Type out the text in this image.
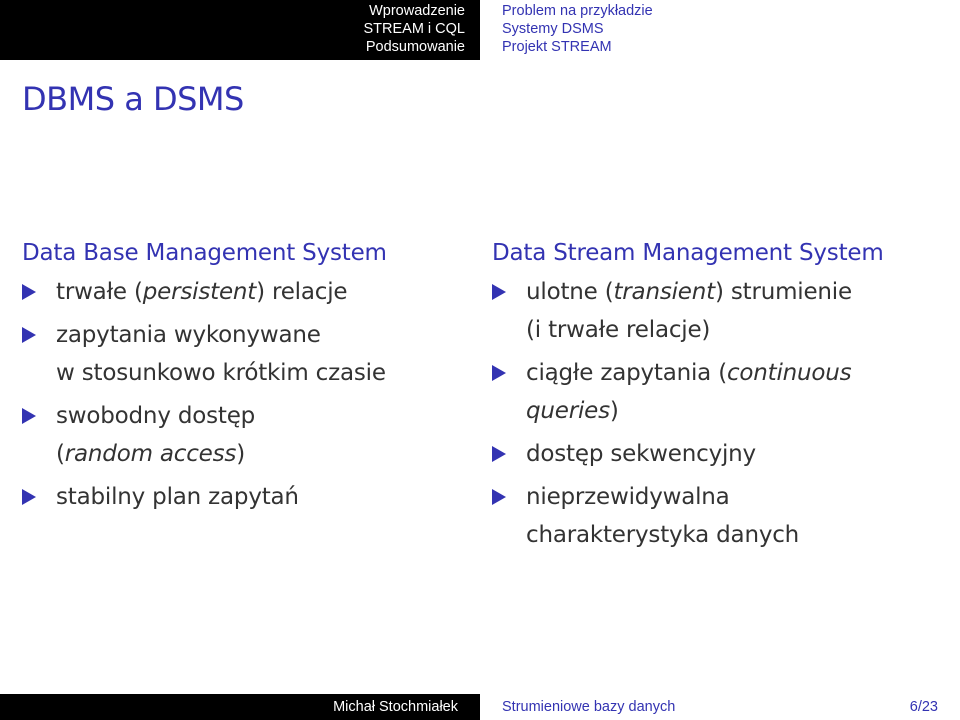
Wprowadzenie
STREAM i CQL
Podsumowanie
Problem na przykładzie
Systemy DSMS
Projekt STREAM
DBMS a DSMS
Data Base Management System
trwałe (persistent) relacje
zapytania wykonywane
w stosunkowo krótkim czasie
swobodny dostęp
(random access)
stabilny plan zapytań
Data Stream Management System
ulotne (transient) strumienie
(i trwałe relacje)
ciągłe zapytania (continuous
queries)
dostęp sekwencyjny
nieprzewidywalna
charakterystyka danych
Michał Stochmiałek	Strumieniowe bazy danych	6/23
